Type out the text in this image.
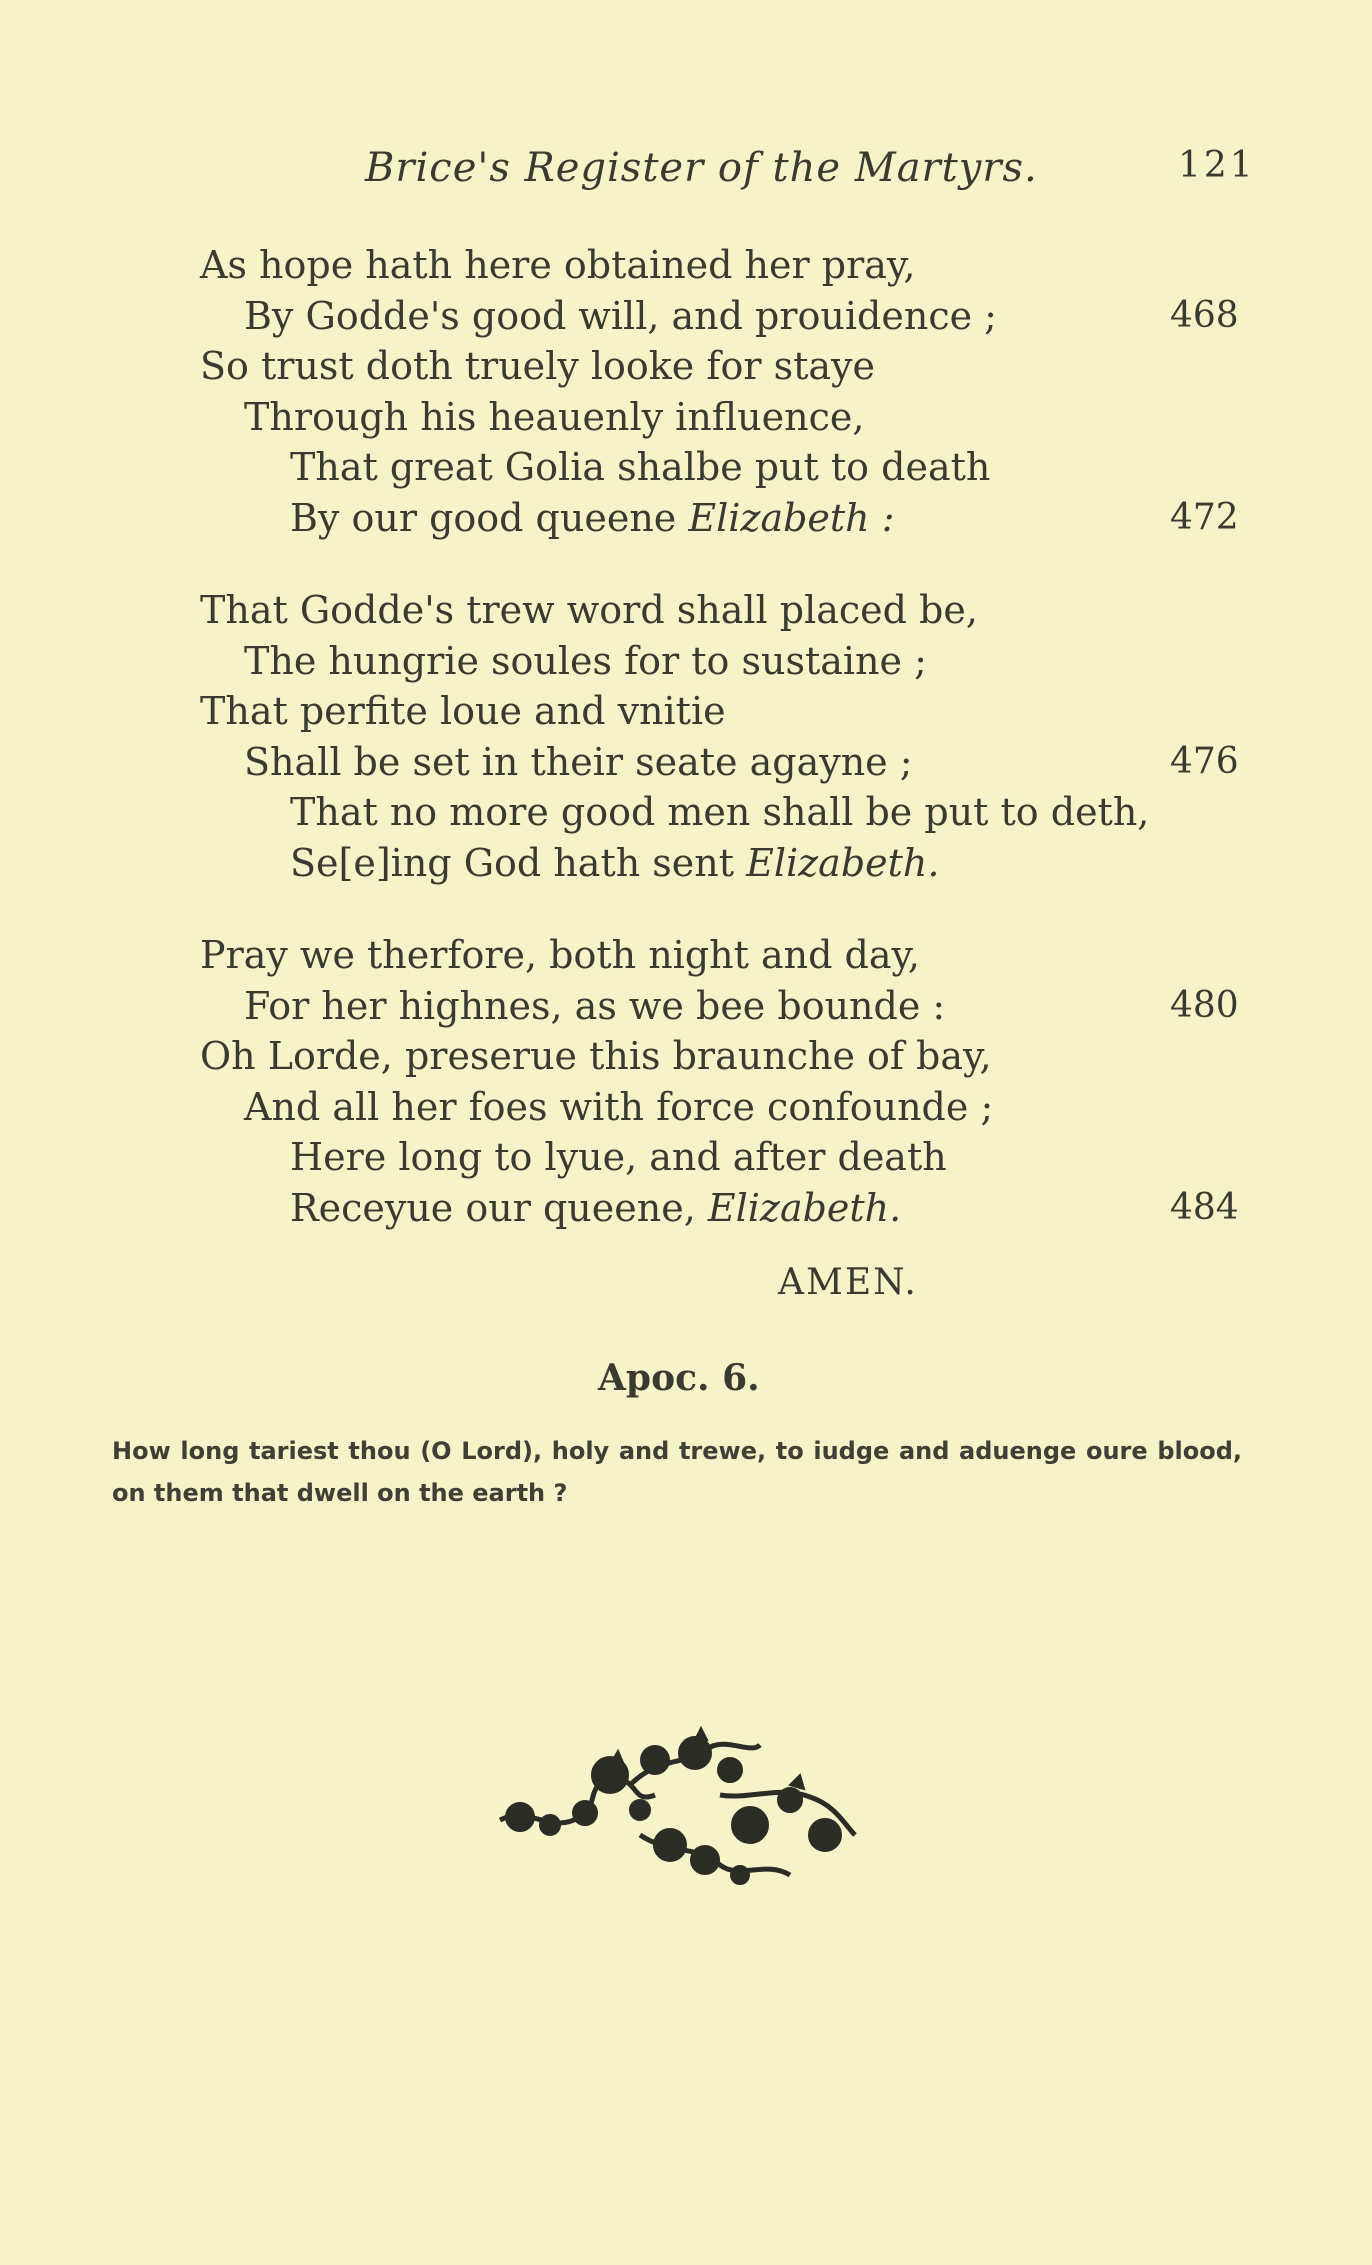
Brice's Register of the Martyrs.	121
As hope hath here obtained her pray,
By Godde's good will, and prouidence ;	468
So trust doth truely looke for staye
Through his heauenly influence,
That great Golia shalbe put to death
By our good queene Elizabeth :	472
That Godde's trew word shall placed be,
The hungrie soules for to sustaine ;
That perfite loue and vnitie
Shall be set in their seate agayne ;	476
That no more good men shall be put to deth,
Se[e]ing God hath sent Elizabeth.
Pray we therfore, both night and day,
For her highnes, as we bee bounde :	480
Oh Lorde, preserue this braunche of bay,
And all her foes with force confounde ;
Here long to lyue, and after death
Receyue our queene, Elizabeth.	484
AMEN.
Apoc. 6.
How long tariest thou (O Lord), holy and trewe, to iudge and aduenge oure blood, on them that dwell on the earth ?
